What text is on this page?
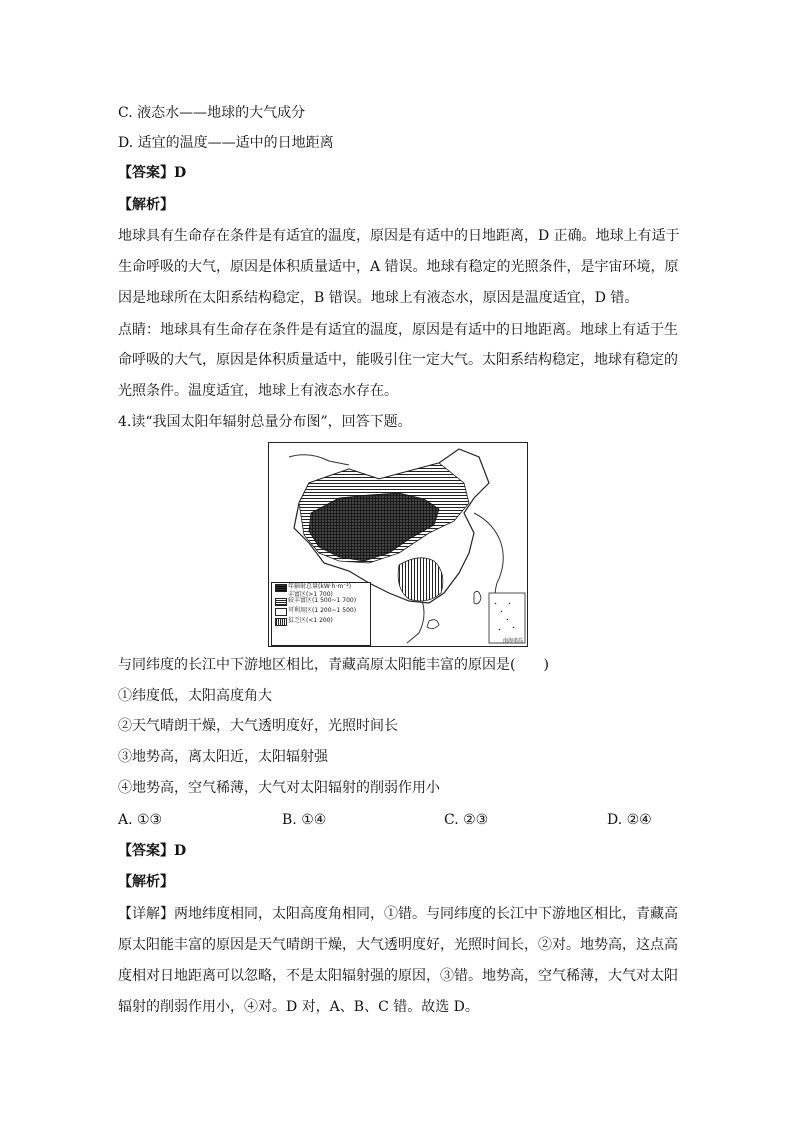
C. 液态水——地球的大气成分
D. 适宜的温度——适中的日地距离
【答案】D
【解析】
地球具有生命存在条件是有适宜的温度，原因是有适中的日地距离，D 正确。地球上有适于
生命呼吸的大气，原因是体积质量适中，A 错误。地球有稳定的光照条件，是宇宙环境，原
因是地球所在太阳系结构稳定，B 错误。地球上有液态水，原因是温度适宜，D 错。
点睛：地球具有生命存在条件是有适宜的温度，原因是有适中的日地距离。地球上有适于生
命呼吸的大气，原因是体积质量适中，能吸引住一定大气。太阳系结构稳定，地球有稳定的
光照条件。温度适宜，地球上有液态水存在。
4.读“我国太阳年辐射总量分布图”，回答下题。
年辐射总量(kW·h·m⁻²)
丰富区(>1 700)
较丰富区(1 500~1 700)
可利用区(1 200~1 500)
贫乏区(<1 200)
南海诸岛
与同纬度的长江中下游地区相比，青藏高原太阳能丰富的原因是(　　)
①纬度低，太阳高度角大
②天气晴朗干燥，大气透明度好，光照时间长
③地势高，离太阳近，太阳辐射强
④地势高，空气稀薄，大气对太阳辐射的削弱作用小
A. ①③	B. ①④	C. ②③	D. ②④
【答案】D
【解析】
【详解】两地纬度相同，太阳高度角相同，①错。与同纬度的长江中下游地区相比，青藏高
原太阳能丰富的原因是天气晴朗干燥，大气透明度好，光照时间长，②对。地势高，这点高
度相对日地距离可以忽略，不是太阳辐射强的原因，③错。地势高，空气稀薄，大气对太阳
辐射的削弱作用小，④对。D 对，A、B、C 错。故选 D。
